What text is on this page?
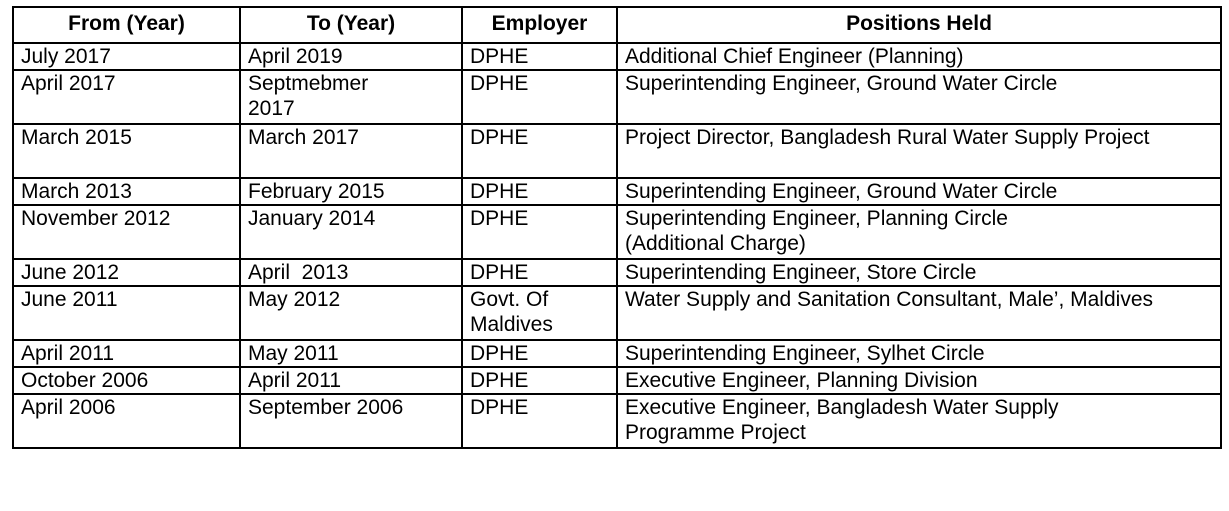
From (Year)	To (Year)	Employer	Positions Held
July 2017	April 2019	DPHE	Additional Chief Engineer (Planning)
April 2017	Septmebmer 2017	DPHE	Superintending Engineer, Ground Water Circle
March 2015	March 2017	DPHE	Project Director, Bangladesh Rural Water Supply Project
March 2013	February 2015	DPHE	Superintending Engineer, Ground Water Circle
November 2012	January 2014	DPHE	Superintending Engineer, Planning Circle (Additional Charge)
June 2012	April  2013	DPHE	Superintending Engineer, Store Circle
June 2011	May 2012	Govt. Of Maldives	Water Supply and Sanitation Consultant, Male’, Maldives
April 2011	May 2011	DPHE	Superintending Engineer, Sylhet Circle
October 2006	April 2011	DPHE	Executive Engineer, Planning Division
April 2006	September 2006	DPHE	Executive Engineer, Bangladesh Water Supply Programme Project
